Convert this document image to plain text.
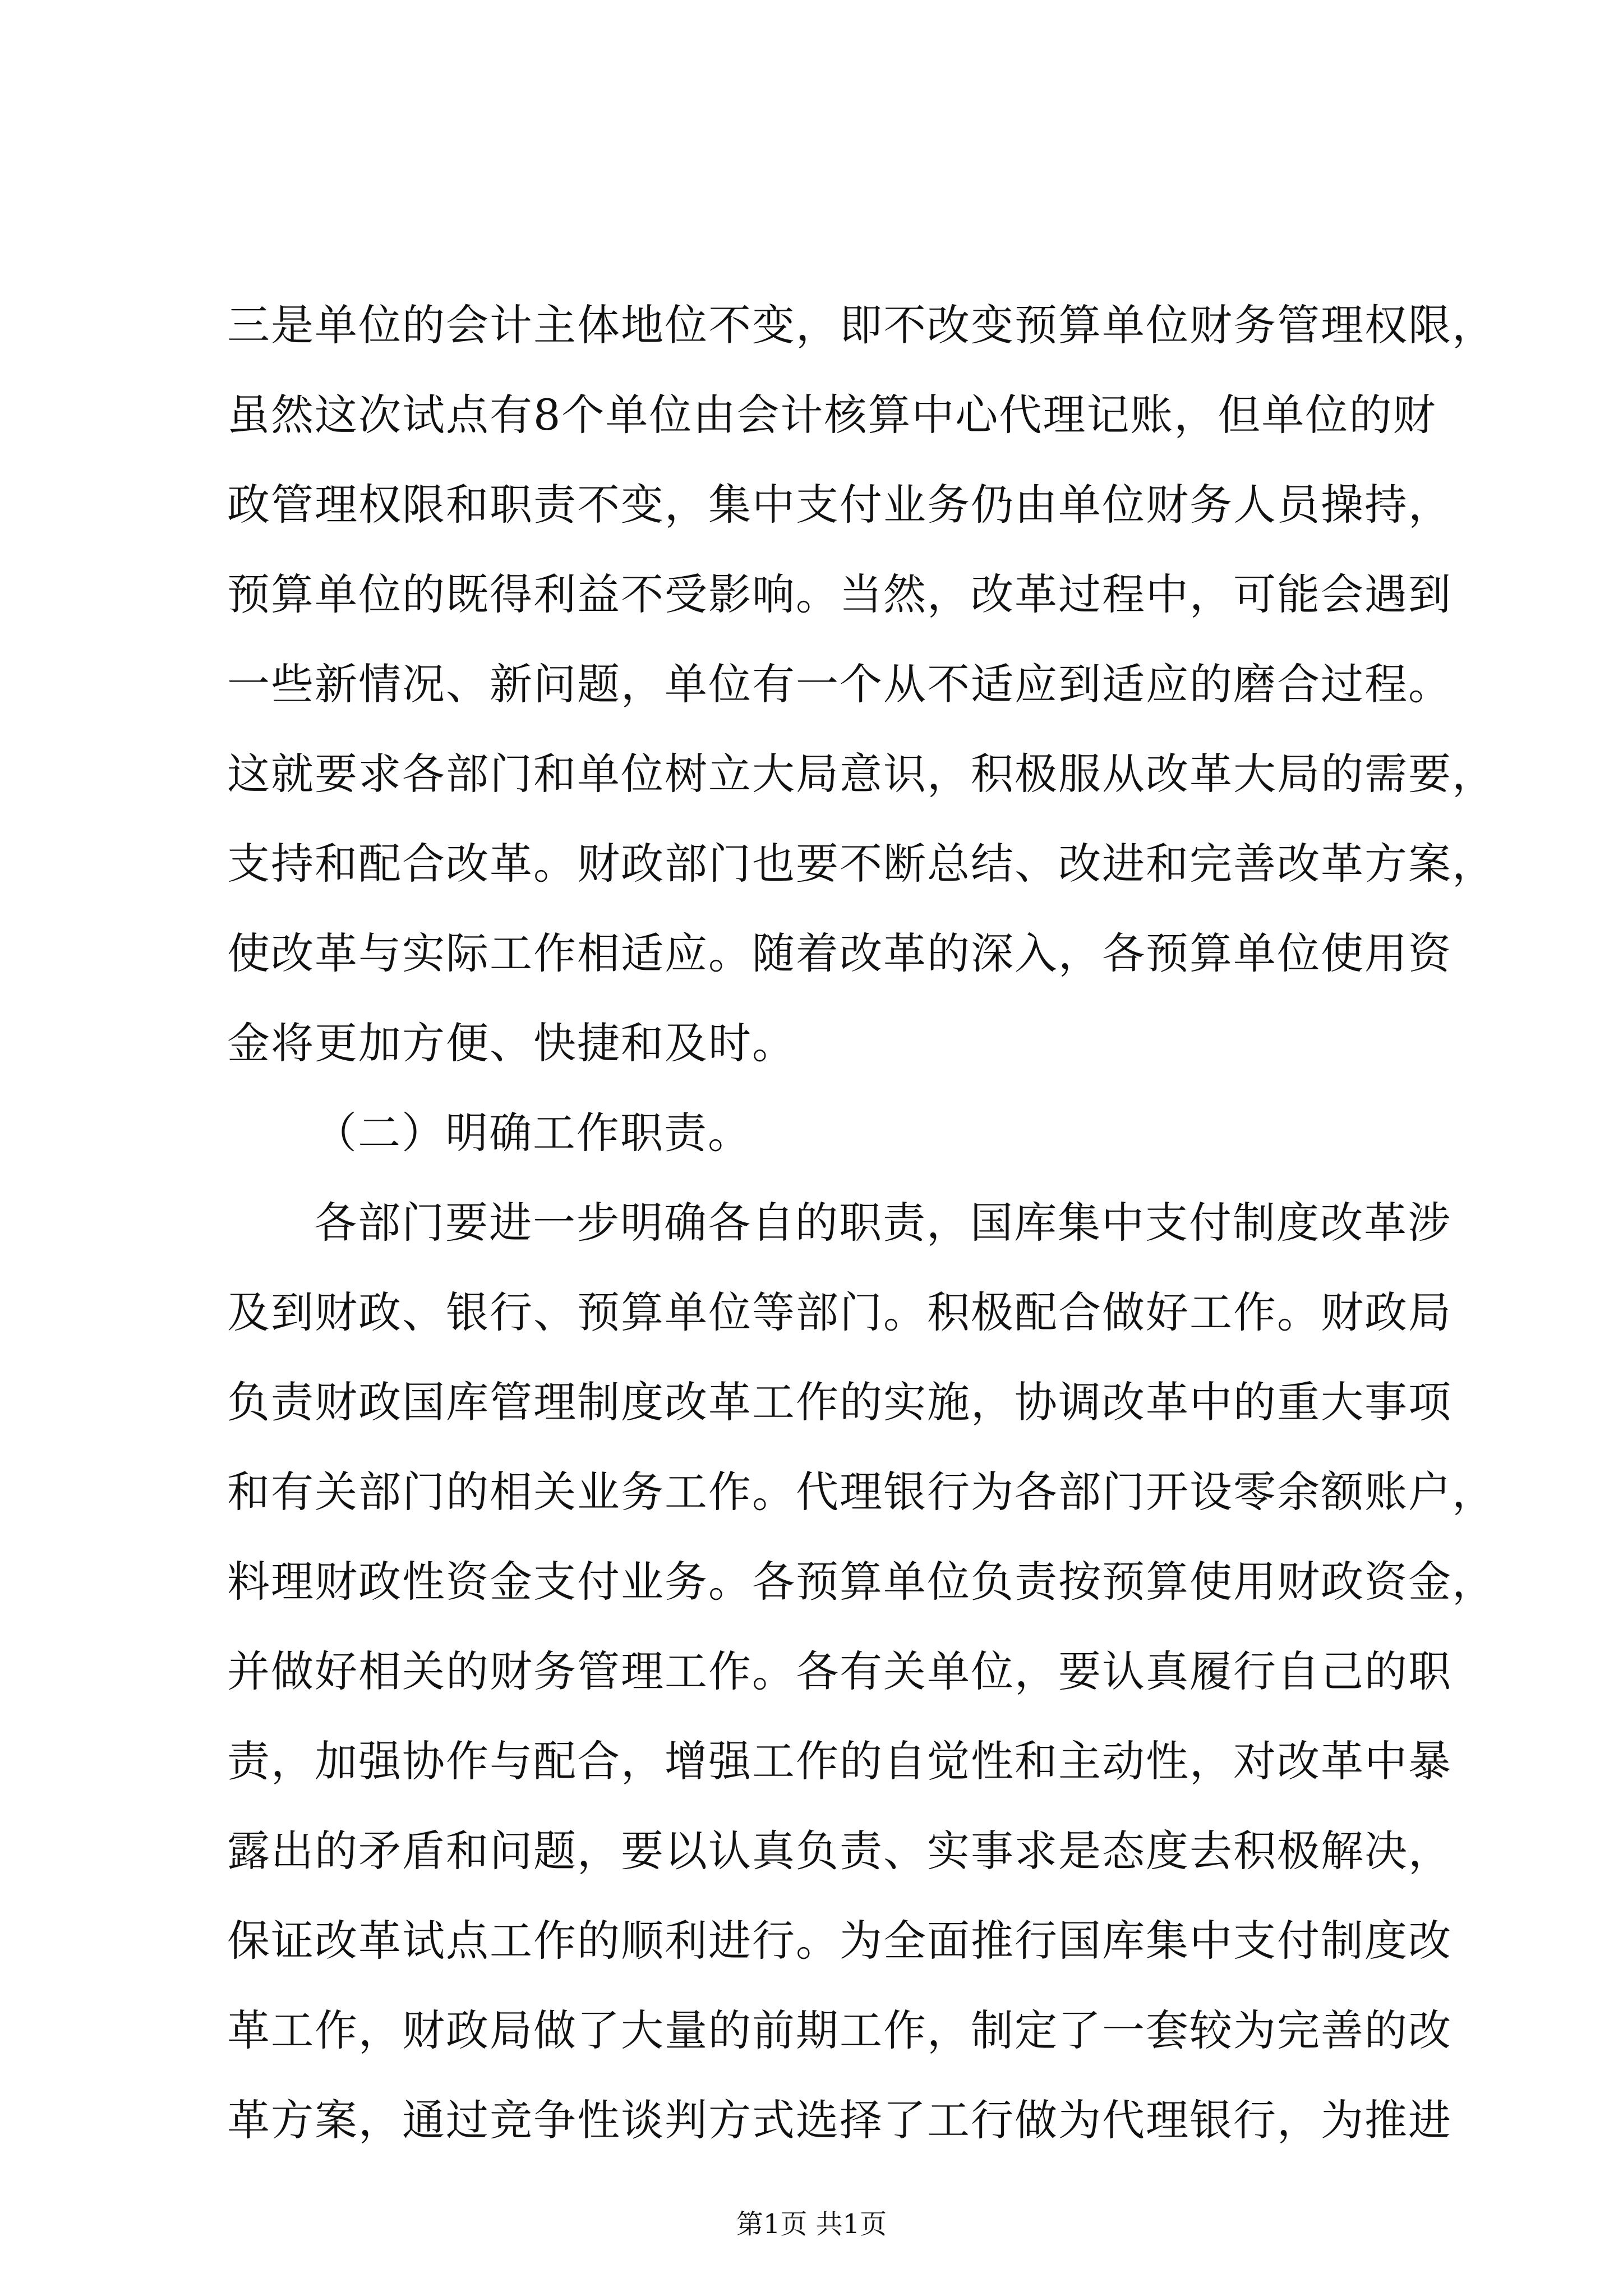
三是单位的会计主体地位不变，即不改变预算单位财务管理权限，
虽然这次试点有8个单位由会计核算中心代理记账，但单位的财
政管理权限和职责不变，集中支付业务仍由单位财务人员操持，
预算单位的既得利益不受影响。当然，改革过程中，可能会遇到
一些新情况、新问题，单位有一个从不适应到适应的磨合过程。
这就要求各部门和单位树立大局意识，积极服从改革大局的需要，
支持和配合改革。财政部门也要不断总结、改进和完善改革方案，
使改革与实际工作相适应。随着改革的深入，各预算单位使用资
金将更加方便、快捷和及时。
（二）明确工作职责。
各部门要进一步明确各自的职责，国库集中支付制度改革涉
及到财政、银行、预算单位等部门。积极配合做好工作。财政局
负责财政国库管理制度改革工作的实施，协调改革中的重大事项
和有关部门的相关业务工作。代理银行为各部门开设零余额账户，
料理财政性资金支付业务。各预算单位负责按预算使用财政资金，
并做好相关的财务管理工作。各有关单位，要认真履行自己的职
责，加强协作与配合，增强工作的自觉性和主动性，对改革中暴
露出的矛盾和问题，要以认真负责、实事求是态度去积极解决，
保证改革试点工作的顺利进行。为全面推行国库集中支付制度改
革工作，财政局做了大量的前期工作，制定了一套较为完善的改
革方案，通过竞争性谈判方式选择了工行做为代理银行，为推进
第1页 共1页
